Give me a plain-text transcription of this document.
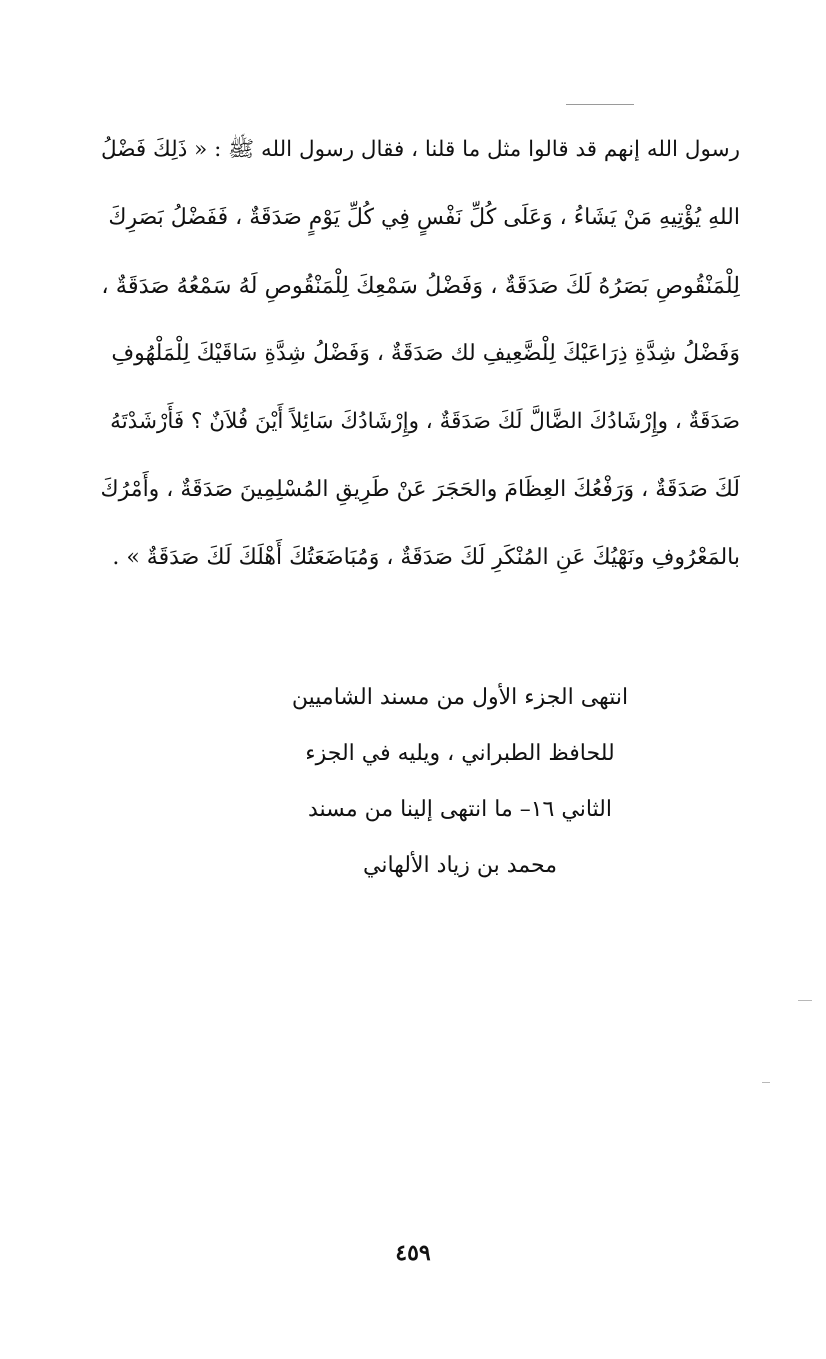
رسول الله إنهم قد قالوا مثل ما قلنا ، فقال رسول الله ﷺ : « ذَلِكَ فَضْلُ
اللهِ يُؤْتِيهِ مَنْ يَشَاءُ ، وَعَلَى كُلِّ نَفْسٍ فِي كُلِّ يَوْمٍ صَدَقَةٌ ، فَفَضْلُ بَصَرِكَ
لِلْمَنْقُوصِ بَصَرُهُ لَكَ صَدَقَةٌ ، وَفَضْلُ سَمْعِكَ لِلْمَنْقُوصِ لَهُ سَمْعُهُ صَدَقَةٌ ،
وَفَضْلُ شِدَّةِ ذِرَاعَيْكَ لِلْضَّعِيفِ لك صَدَقَةٌ ، وَفَضْلُ شِدَّةِ سَاقَيْكَ لِلْمَلْهُوفِ
صَدَقَةٌ ، وإِرْشَادُكَ الضَّالَّ لَكَ صَدَقَةٌ ، وإِرْشَادُكَ سَائِلاً أَيْنَ فُلاَنٌ ؟ فَأَرْشَدْتَهُ
لَكَ صَدَقَةٌ ، وَرَفْعُكَ العِظَامَ والحَجَرَ عَنْ طَرِيقِ المُسْلِمِينَ صَدَقَةٌ ، وأَمْرُكَ
بالمَعْرُوفِ ونَهْيُكَ عَنِ المُنْكَرِ لَكَ صَدَقَةٌ ، وَمُبَاضَعَتُكَ أَهْلَكَ لَكَ صَدَقَةٌ » .
انتهى الجزء الأول من مسند الشاميين
للحافظ الطبراني ، ويليه في الجزء
الثاني ١٦– ما انتهى إلينا من مسند
محمد بن زياد الألهاني
٤٥٩
